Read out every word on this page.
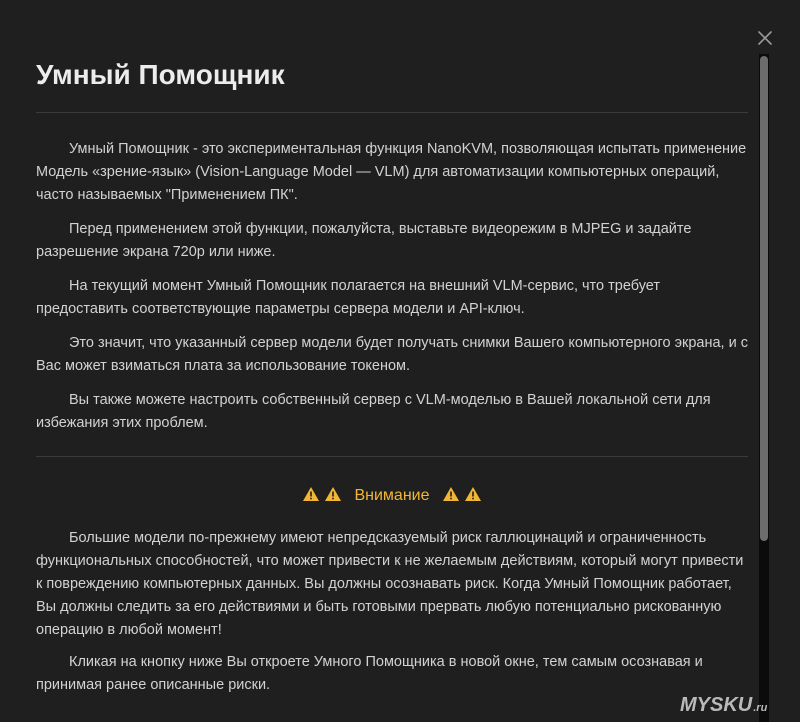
Умный Помощник

Умный Помощник - это экспериментальная функция NanoKVM, позволяющая испытать применение Модель «зрение-язык» (Vision-Language Model — VLM) для автоматизации компьютерных операций, часто называемых "Применением ПК".

Перед применением этой функции, пожалуйста, выставьте видеорежим в MJPEG и задайте разрешение экрана 720p или ниже.

На текущий момент Умный Помощник полагается на внешний VLM-сервис, что требует предоставить соответствующие параметры сервера модели и API-ключ.

Это значит, что указанный сервер модели будет получать снимки Вашего компьютерного экрана, и с Вас может взиматься плата за использование токеном.

Вы также можете настроить собственный сервер с VLM-моделью в Вашей локальной сети для избежания этих проблем.

Внимание

Большие модели по-прежнему имеют непредсказуемый риск галлюцинаций и ограниченность функциональных способностей, что может привести к не желаемым действиям, который могут привести к повреждению компьютерных данных. Вы должны осознавать риск. Когда Умный Помощник работает, Вы должны следить за его действиями и быть готовыми прервать любую потенциально рискованную операцию в любой момент!

Кликая на кнопку ниже Вы откроете Умного Помощника в новой окне, тем самым осознавая и принимая ранее описанные риски.

MYSKU.ru
